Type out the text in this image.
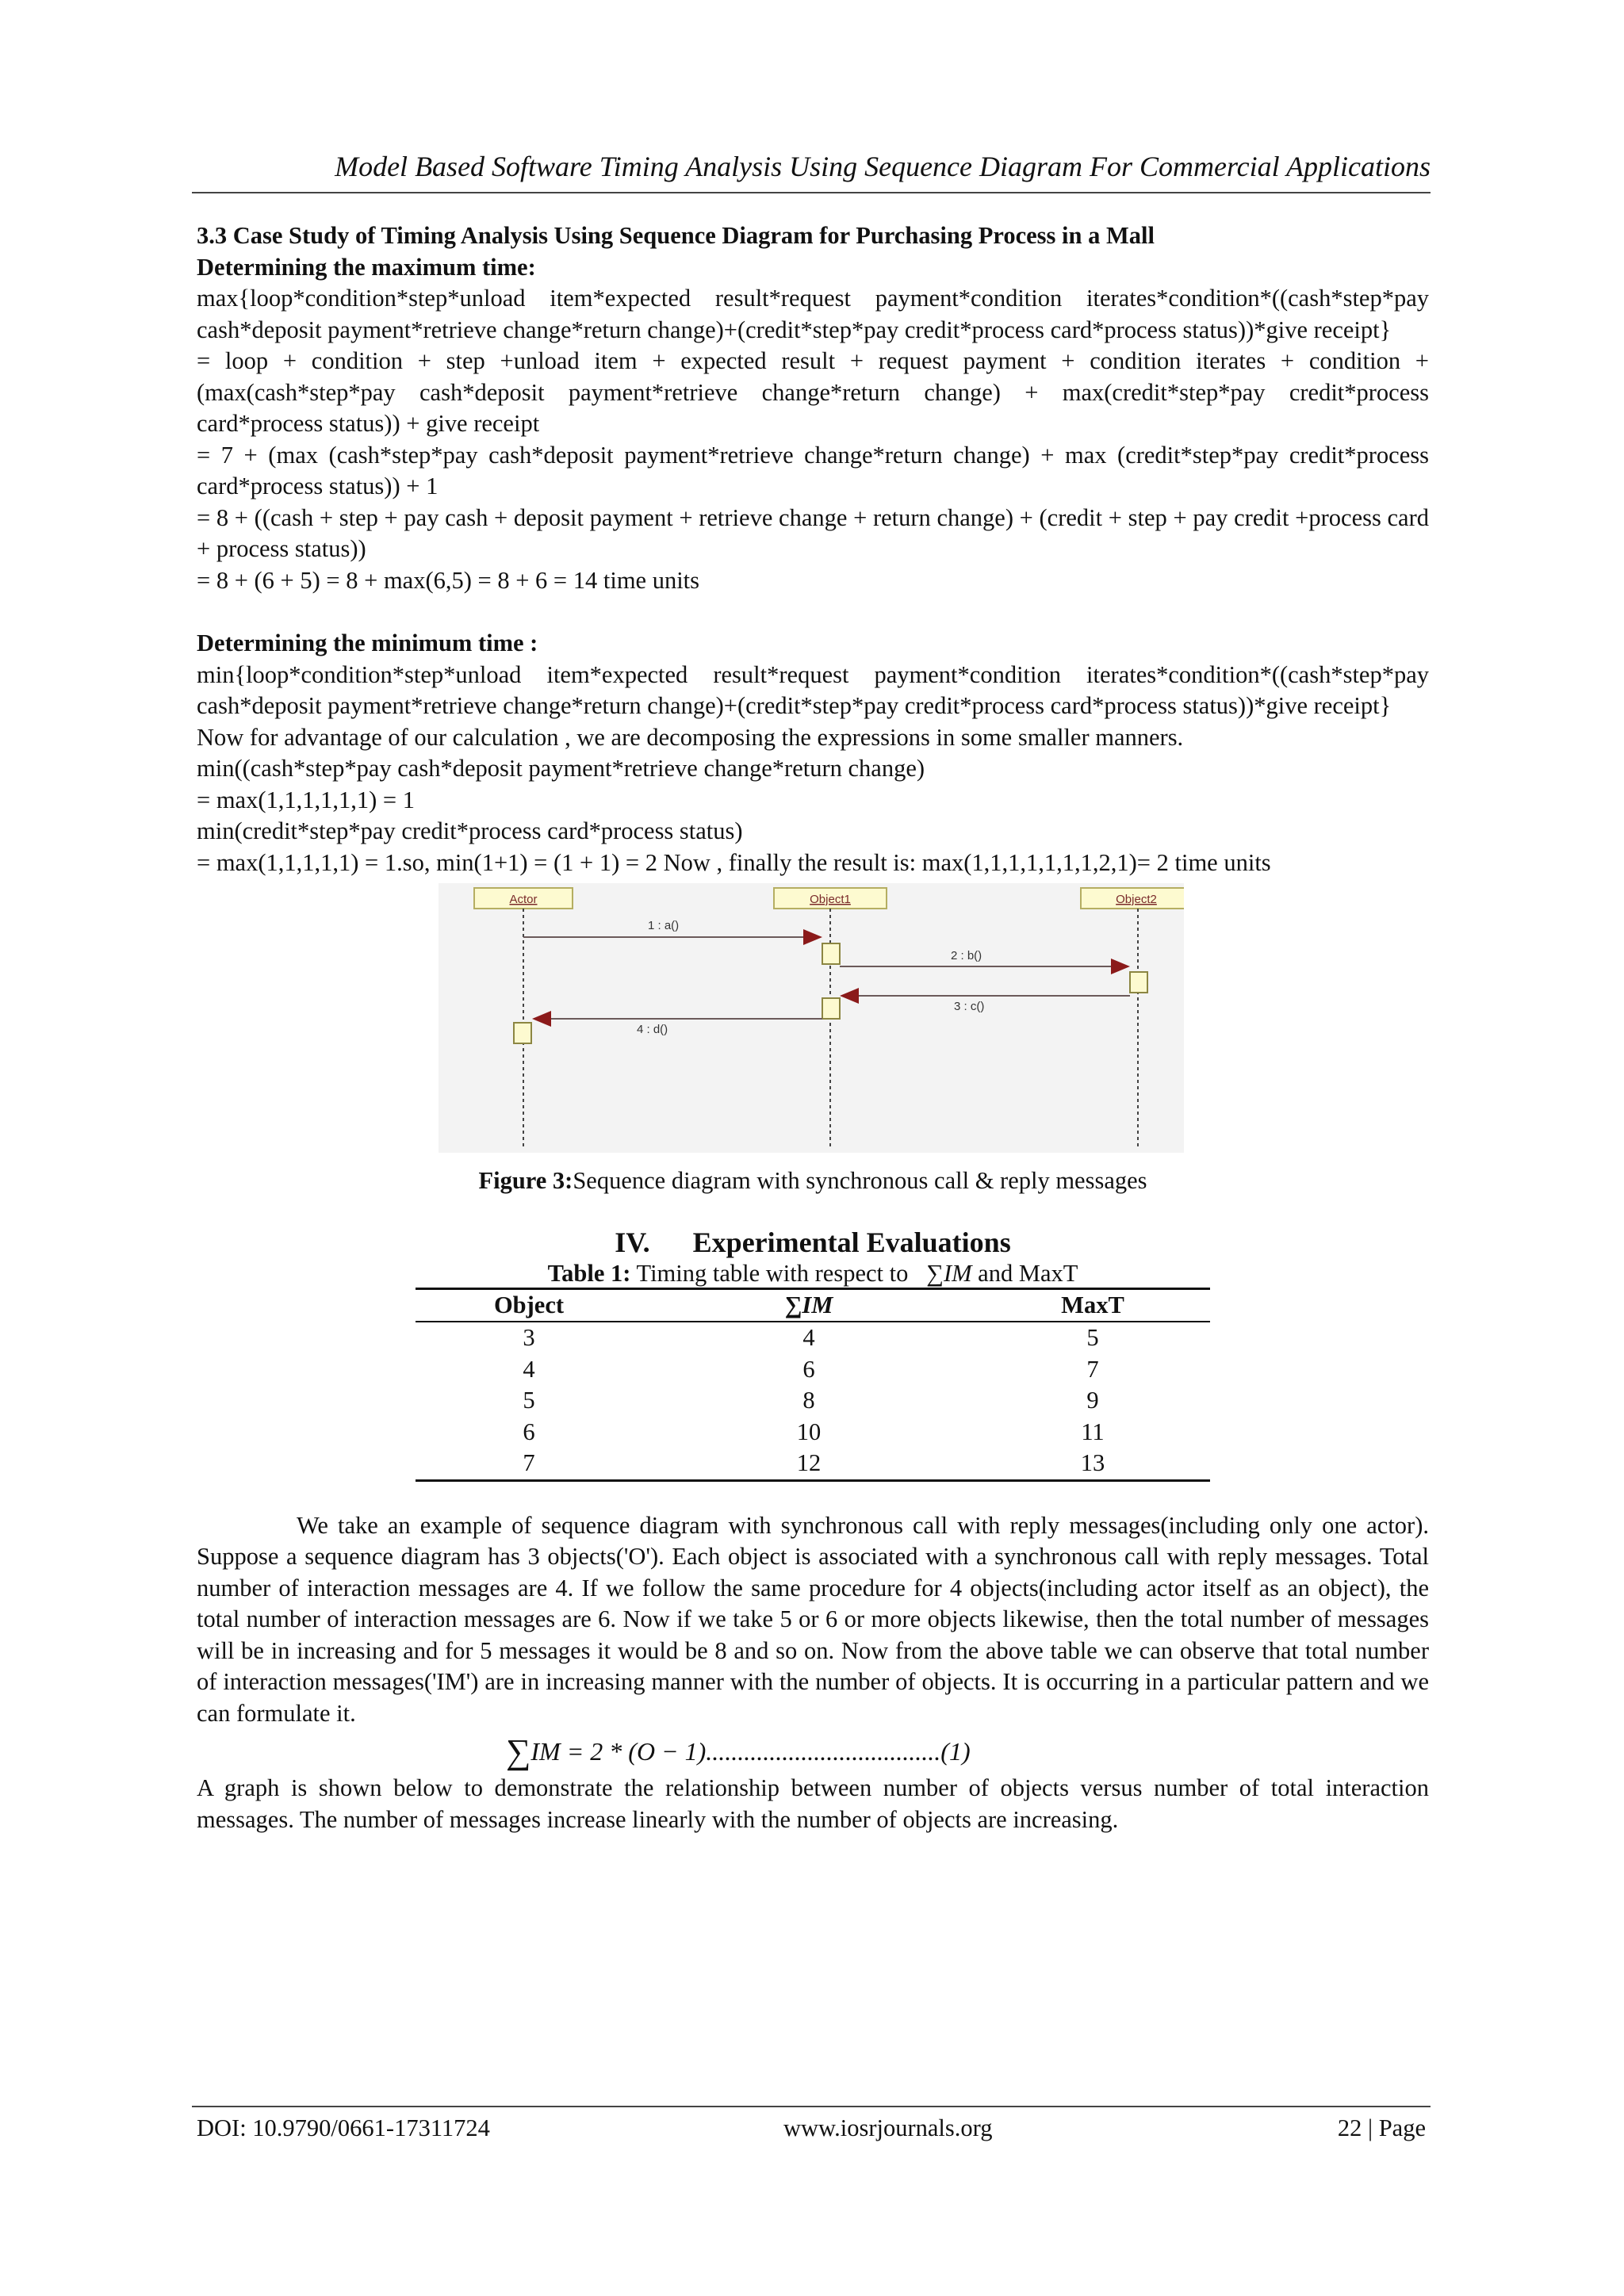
Model Based Software Timing Analysis Using Sequence Diagram For Commercial Applications

3.3 Case Study of Timing Analysis Using Sequence Diagram for Purchasing Process in a Mall

Determining the maximum time:

max{loop*condition*step*unload item*expected result*request payment*condition iterates*condition*((cash*step*pay cash*deposit payment*retrieve change*return change)+(credit*step*pay credit*process card*process status))*give receipt}

= loop + condition + step +unload item + expected result + request payment + condition iterates + condition + (max(cash*step*pay cash*deposit payment*retrieve change*return change) + max(credit*step*pay credit*process card*process status)) + give receipt

= 7 + (max (cash*step*pay cash*deposit payment*retrieve change*return change) + max (credit*step*pay credit*process card*process status)) + 1

= 8 + ((cash + step + pay cash + deposit payment + retrieve change + return change) + (credit + step + pay credit +process card + process status))

= 8 + (6 + 5) = 8 + max(6,5) = 8 + 6 = 14 time units

Determining the minimum time :

min{loop*condition*step*unload item*expected result*request payment*condition iterates*condition*((cash*step*pay cash*deposit payment*retrieve change*return change)+(credit*step*pay credit*process card*process status))*give receipt}

Now for advantage of our calculation , we are decomposing the expressions in some smaller manners.

min((cash*step*pay cash*deposit payment*retrieve change*return change)

= max(1,1,1,1,1,1) = 1

min(credit*step*pay credit*process card*process status)

= max(1,1,1,1,1) = 1.so, min(1+1) = (1 + 1) = 2 Now , finally the result is: max(1,1,1,1,1,1,1,2,1)= 2 time units

Actor	Object1	Object2
1 : a()
2 : b()
3 : c()
4 : d()
Figure 3:Sequence diagram with synchronous call & reply messages
IV. Experimental Evaluations
Table 1: Timing table with respect to   ∑IM and MaxT
Object	∑IM	MaxT
3	4	5
4	6	7
5	8	9
6	10	11
7	12	13

We take an example of sequence diagram with synchronous call with reply messages(including only one actor). Suppose a sequence diagram has 3 objects('O'). Each object is associated with a synchronous call with reply messages. Total number of interaction messages are 4. If we follow the same procedure for 4 objects(including actor itself as an object), the total number of interaction messages are 6. Now if we take 5 or 6 or more objects likewise, then the total number of messages will be in increasing and for 5 messages it would be 8 and so on. Now from the above table we can observe that total number of interaction messages('IM') are in increasing manner with the number of objects. It is occurring in a particular pattern and we can formulate it.

∑IM = 2 * (O − 1).....................................(1)

A graph is shown below to demonstrate the relationship between number of objects versus number of total interaction messages. The number of messages increase linearly with the number of objects are increasing.

DOI: 10.9790/0661-17311724	www.iosrjournals.org	22 | Page
